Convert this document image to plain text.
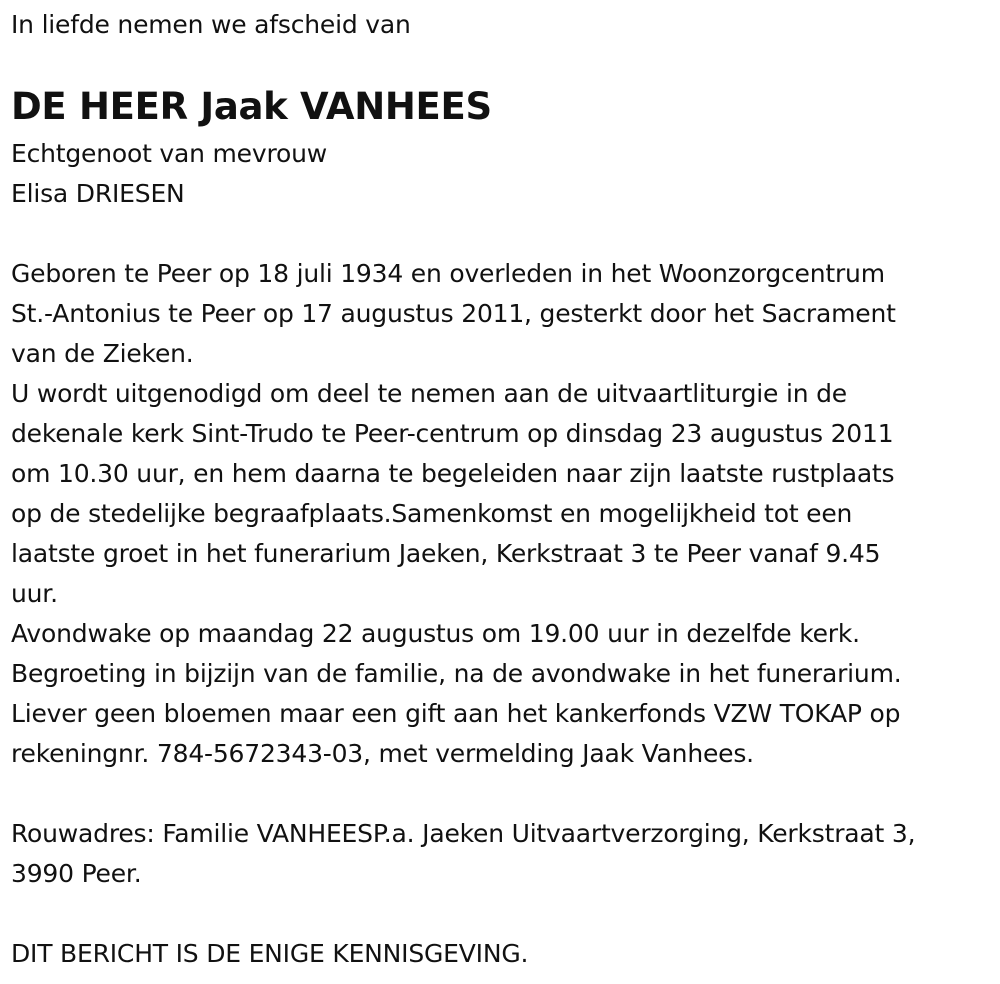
In liefde nemen we afscheid van
DE HEER Jaak VANHEES
Echtgenoot van mevrouw
Elisa DRIESEN
Geboren te Peer op 18 juli 1934 en overleden in het Woonzorgcentrum
St.-Antonius te Peer op 17 augustus 2011, gesterkt door het Sacrament
van de Zieken.
U wordt uitgenodigd om deel te nemen aan de uitvaartliturgie in de
dekenale kerk Sint-Trudo te Peer-centrum op dinsdag 23 augustus 2011
om 10.30 uur, en hem daarna te begeleiden naar zijn laatste rustplaats
op de stedelijke begraafplaats.Samenkomst en mogelijkheid tot een
laatste groet in het funerarium Jaeken, Kerkstraat 3 te Peer vanaf 9.45
uur.
Avondwake op maandag 22 augustus om 19.00 uur in dezelfde kerk.
Begroeting in bijzijn van de familie, na de avondwake in het funerarium.
Liever geen bloemen maar een gift aan het kankerfonds VZW TOKAP op
rekeningnr. 784-5672343-03, met vermelding Jaak Vanhees.
Rouwadres: Familie VANHEESP.a. Jaeken Uitvaartverzorging, Kerkstraat 3,
3990 Peer.
DIT BERICHT IS DE ENIGE KENNISGEVING.
